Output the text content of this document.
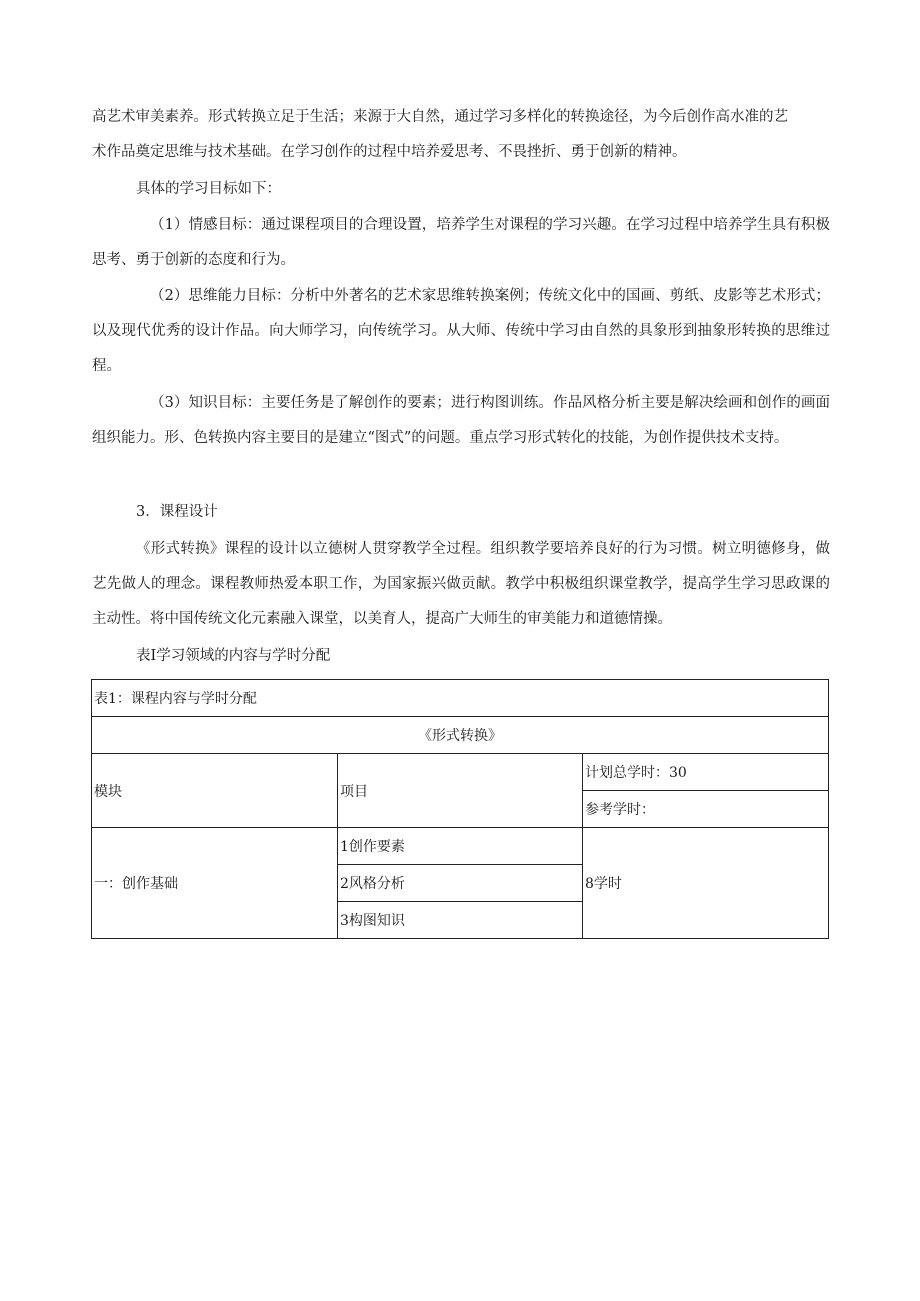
高艺术审美素养。形式转换立足于生活；来源于大自然，通过学习多样化的转换途径，为今后创作高水准的艺
术作品奠定思维与技术基础。在学习创作的过程中培养爱思考、不畏挫折、勇于创新的精神。

具体的学习目标如下：

（1）情感目标：通过课程项目的合理设置，培养学生对课程的学习兴趣。在学习过程中培养学生具有积极思考、勇于创新的态度和行为。

（2）思维能力目标：分析中外著名的艺术家思维转换案例；传统文化中的国画、剪纸、皮影等艺术形式；以及现代优秀的设计作品。向大师学习，向传统学习。从大师、传统中学习由自然的具象形到抽象形转换的思维过程。

（3）知识目标：主要任务是了解创作的要素；进行构图训练。作品风格分析主要是解决绘画和创作的画面组织能力。形、色转换内容主要目的是建立“图式”的问题。重点学习形式转化的技能，为创作提供技术支持。

3．课程设计

《形式转换》课程的设计以立德树人贯穿教学全过程。组织教学要培养良好的行为习惯。树立明德修身，做艺先做人的理念。课程教师热爱本职工作，为国家振兴做贡献。教学中积极组织课堂教学，提高学生学习思政课的主动性。将中国传统文化元素融入课堂，以美育人，提高广大师生的审美能力和道德情操。

表Ⅰ学习领域的内容与学时分配

表1：课程内容与学时分配		
《形式转换》		
模块	项目	计划总学时：30
		参考学时：
一：创作基础	1创作要素	8学时
	2风格分析	
	3构图知识	
